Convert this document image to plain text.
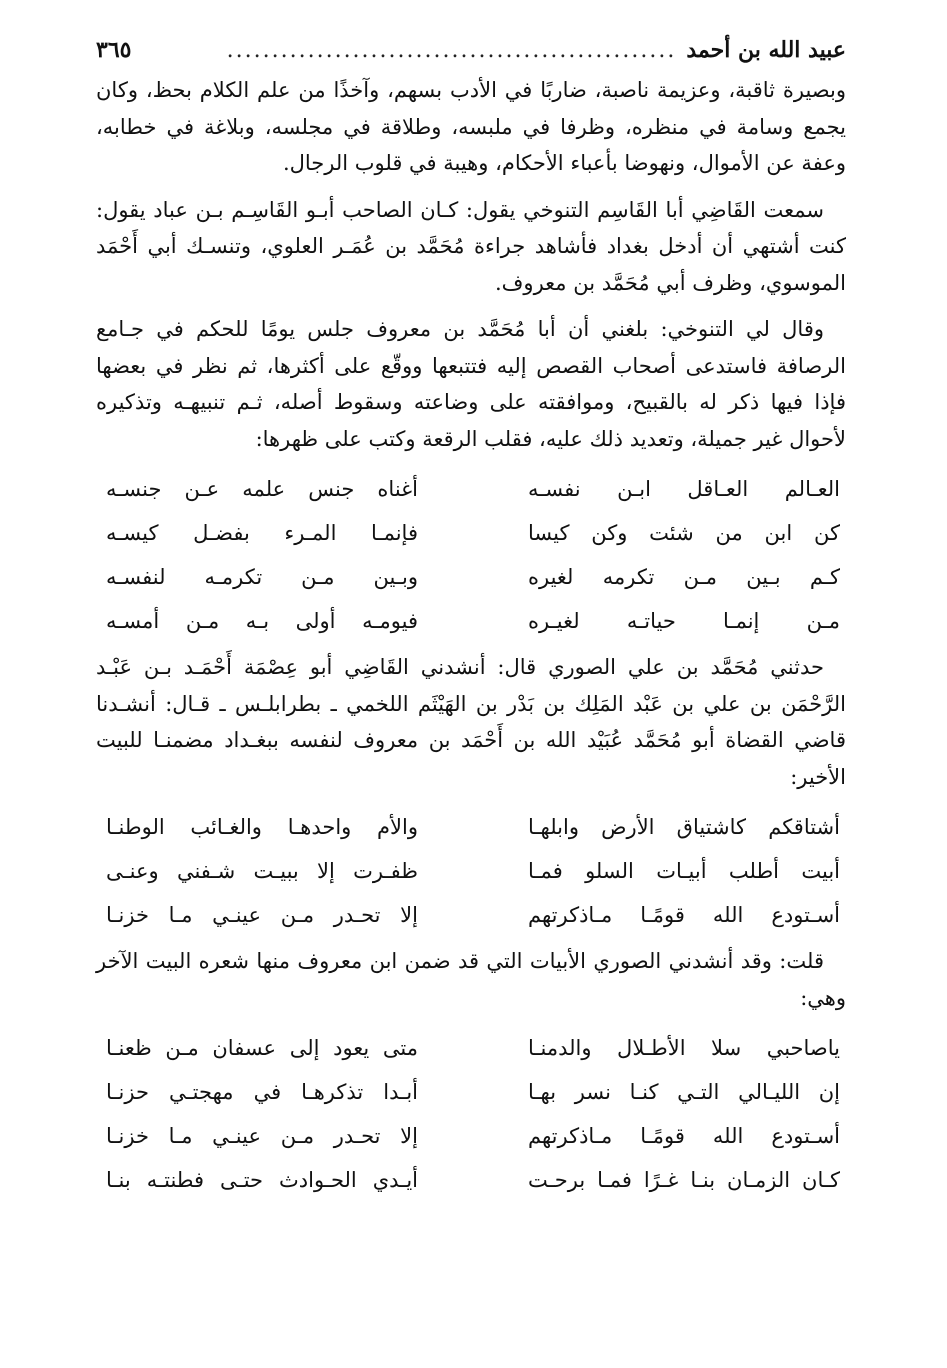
عبيد الله بن أحمد
..................................................
٣٦٥

وبصيرة ثاقبة، وعزيمة ناصبة، ضاربًا في الأدب بسهم، وآخذًا من علم الكلام بحظ، وكان يجمع وسامة في منظره، وظرفا في ملبسه، وطلاقة في مجلسه، وبلاغة في خطابه، وعفة عن الأموال، ونهوضا بأعباء الأحكام، وهيبة في قلوب الرجال.

سمعت القَاضِي أبا القَاسِم التنوخي يقول: كـان الصاحب أبـو القَاسِـم بـن عباد يقول: كنت أشتهي أن أدخل بغداد فأشاهد جراءة مُحَمَّد بن عُمَـر العلوي، وتنسـك أبي أَحْمَد الموسوي، وظرف أبي مُحَمَّد بن معروف.

وقال لي التنوخي: بلغني أن أبا مُحَمَّد بن معروف جلس يومًا للحكم في جـامع الرصافة فاستدعى أصحاب القصص إليه فتتبعها ووقّع على أكثرها، ثم نظر في بعضها فإذا فيها ذكر له بالقبيح، وموافقته على وضاعته وسقوط أصله، ثـم تنبيهـه وتذكيره لأحوال غير جميلة، وتعديد ذلك عليه، فقلب الرقعة وكتب على ظهرها:

العـالم العـاقل ابـن نفسـه
أغناه جنس علمه عـن جنسـه
كن ابن من شئت وكن كيسا
فإنمـا المـرء بفضـل كيسـه
كـم بـين مـن تكرمه لغيره
وبـين مـن تكرمـه لنفسـه
مـن إنمـا حياتـه لغيـره
فيومـه أولى بـه مـن أمسـه

حدثني مُحَمَّد بن علي الصوري قال: أنشدني القَاضِي أبو عِصْمَة أَحْمَـد بـن عَبْـد الرَّحْمَن بن علي بن عَبْد المَلِك بن بَدْر بن الهَيْثَم اللخمي ـ بطرابلـس ـ قـال: أنشـدنا قاضي القضاة أبو مُحَمَّد عُبَيْد الله بن أَحْمَد بن معروف لنفسه ببغـداد مضمنـا للبيت الأخير:

أشتاقكم كاشتياق الأرض وابلهـا
والأم واحدهـا والغـائب الوطنـا
أبيت أطلب أبيـات السلو فمـا
ظفـرت إلا ببيـت شـفني وعنـى
أسـتودع الله قومًـا مـاذكرتهم
إلا تحـدر مـن عينـي مـا خزنـا

قلت: وقد أنشدني الصوري الأبيات التي قد ضمن ابن معروف منها شعره البيت الآخر وهي:

ياصاحبي سلا الأطـلال والدمنـا
متى يعود إلى عسفان مـن ظعنـا
إن الليـالي التـي كنـا نسر بهـا
أبـدا تذكرهـا في مهجتـي حزنـا
أسـتودع الله قومًـا مـاذكرتهم
إلا تحـدر مـن عينـي مـا خزنـا
كـان الزمـان بنـا غـرًا فمـا برحـت
أيـدي الحـوادث حتـى فطنتـه بنـا
